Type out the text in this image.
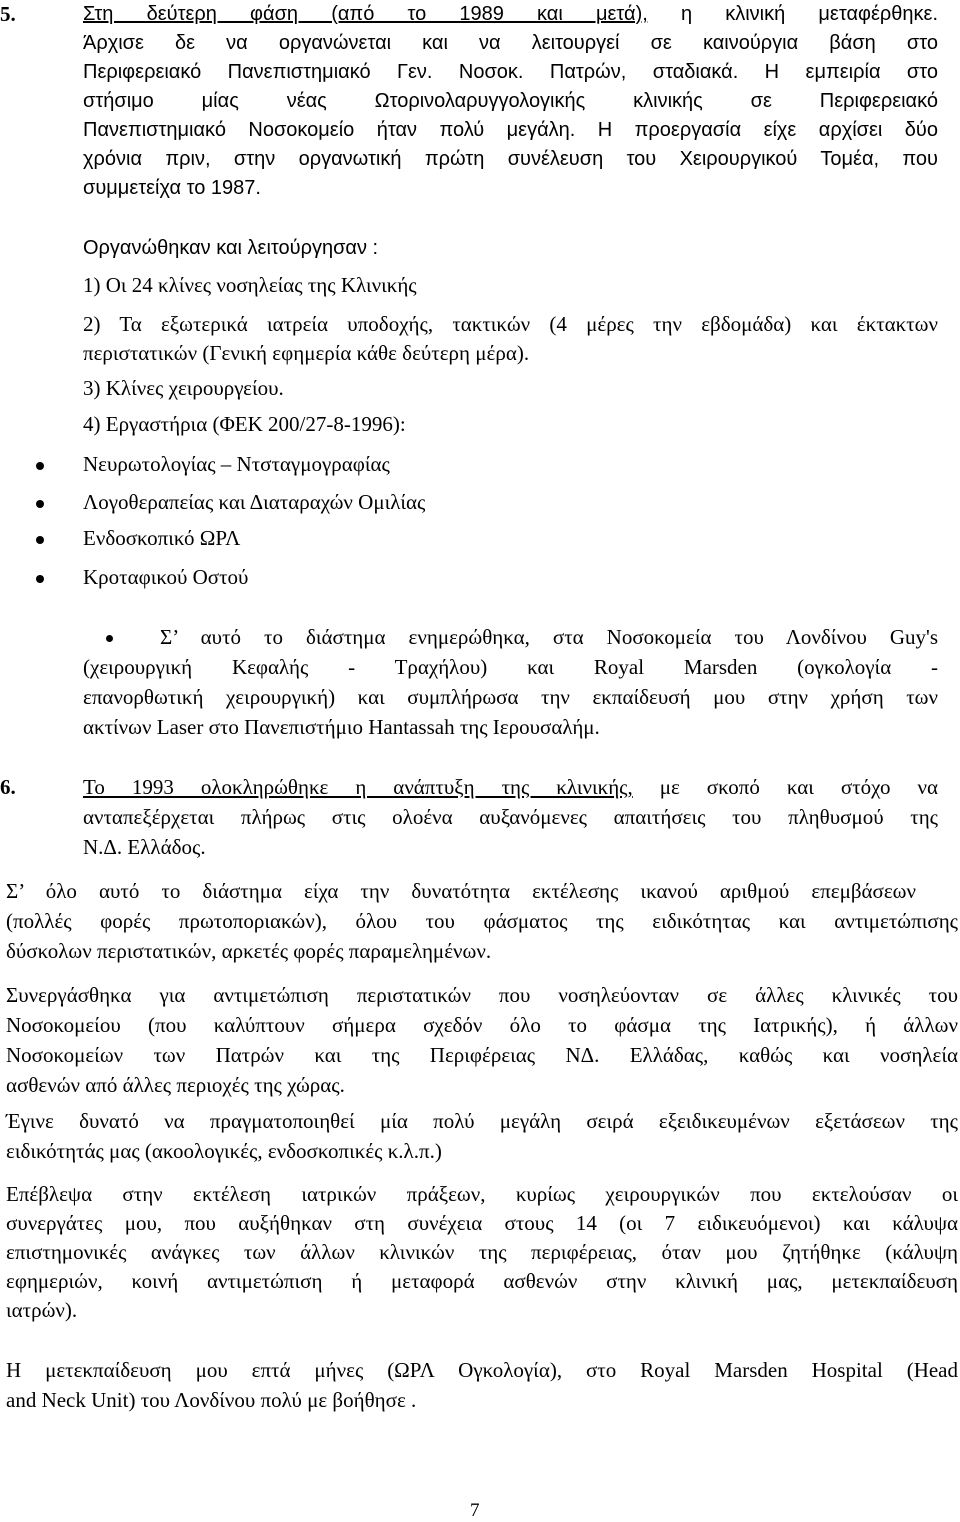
5.	Στη δεύτερη φάση (από το 1989 και μετά), η κλινική μεταφέρθηκε.
Άρχισε δε να οργανώνεται και να λειτουργεί σε καινούργια βάση στο
Περιφερειακό Πανεπιστημιακό Γεν. Νοσοκ. Πατρών, σταδιακά. Η εμπειρία στο
στήσιμο μίας νέας Ωτορινολαρυγγολογικής κλινικής σε Περιφερειακό
Πανεπιστημιακό Νοσοκομείο ήταν πολύ μεγάλη. Η προεργασία είχε αρχίσει δύο
χρόνια πριν, στην οργανωτική πρώτη συνέλευση του Χειρουργικού Τομέα, που
συμμετείχα το 1987.
Οργανώθηκαν και λειτούργησαν :
1) Οι 24 κλίνες νοσηλείας της Κλινικής
2) Τα εξωτερικά ιατρεία υποδοχής, τακτικών (4 μέρες την εβδομάδα) και έκτακτων
περιστατικών (Γενική εφημερία κάθε δεύτερη μέρα).
3) Κλίνες χειρουργείου.
4) Εργαστήρια (ΦΕΚ 200/27-8-1996):
Νευρωτολογίας – Ντσταγμογραφίας
Λογοθεραπείας και Διαταραχών Ομιλίας
Ενδοσκοπικό ΩΡΛ
Κροταφικού Οστού
Σ’ αυτό το διάστημα ενημερώθηκα, στα Νοσοκομεία του Λονδίνου Guy's
(χειρουργική Κεφαλής - Τραχήλου) και Royal Marsden (ογκολογία -
επανορθωτική χειρουργική) και συμπλήρωσα την εκπαίδευσή μου στην χρήση των
ακτίνων Laser στο Πανεπιστήμιο Hantassah της Ιερουσαλήμ.
6.	Το 1993 ολοκληρώθηκε η ανάπτυξη της κλινικής, με σκοπό και στόχο να
ανταπεξέρχεται πλήρως στις ολοένα αυξανόμενες απαιτήσεις του πληθυσμού της
Ν.Δ. Ελλάδος.
Σ’ όλο αυτό το διάστημα είχα την δυνατότητα εκτέλεσης ικανού αριθμού επεμβάσεων
(πολλές φορές πρωτοποριακών), όλου του φάσματος της ειδικότητας και αντιμετώπισης
δύσκολων περιστατικών, αρκετές φορές παραμελημένων.
Συνεργάσθηκα για αντιμετώπιση περιστατικών που νοσηλεύονταν σε άλλες κλινικές του
Νοσοκομείου (που καλύπτουν σήμερα σχεδόν όλο το φάσμα της Ιατρικής), ή άλλων
Νοσοκομείων των Πατρών και της Περιφέρειας ΝΔ. Ελλάδας, καθώς και νοσηλεία
ασθενών από άλλες περιοχές της χώρας.
Έγινε δυνατό να πραγματοποιηθεί μία πολύ μεγάλη σειρά εξειδικευμένων εξετάσεων της
ειδικότητάς μας (ακοολογικές, ενδοσκοπικές κ.λ.π.)
Επέβλεψα στην εκτέλεση ιατρικών πράξεων, κυρίως χειρουργικών που εκτελούσαν οι
συνεργάτες μου, που αυξήθηκαν στη συνέχεια στους 14 (οι 7 ειδικευόμενοι) και κάλυψα
επιστημονικές ανάγκες των άλλων κλινικών της περιφέρειας, όταν μου ζητήθηκε (κάλυψη
εφημεριών, κοινή αντιμετώπιση ή μεταφορά ασθενών στην κλινική μας, μετεκπαίδευση
ιατρών).
Η μετεκπαίδευση μου επτά μήνες (ΩΡΛ Ογκολογία), στο Royal Marsden Hospital (Head
and Neck Unit) του Λονδίνου πολύ με βοήθησε .
7
